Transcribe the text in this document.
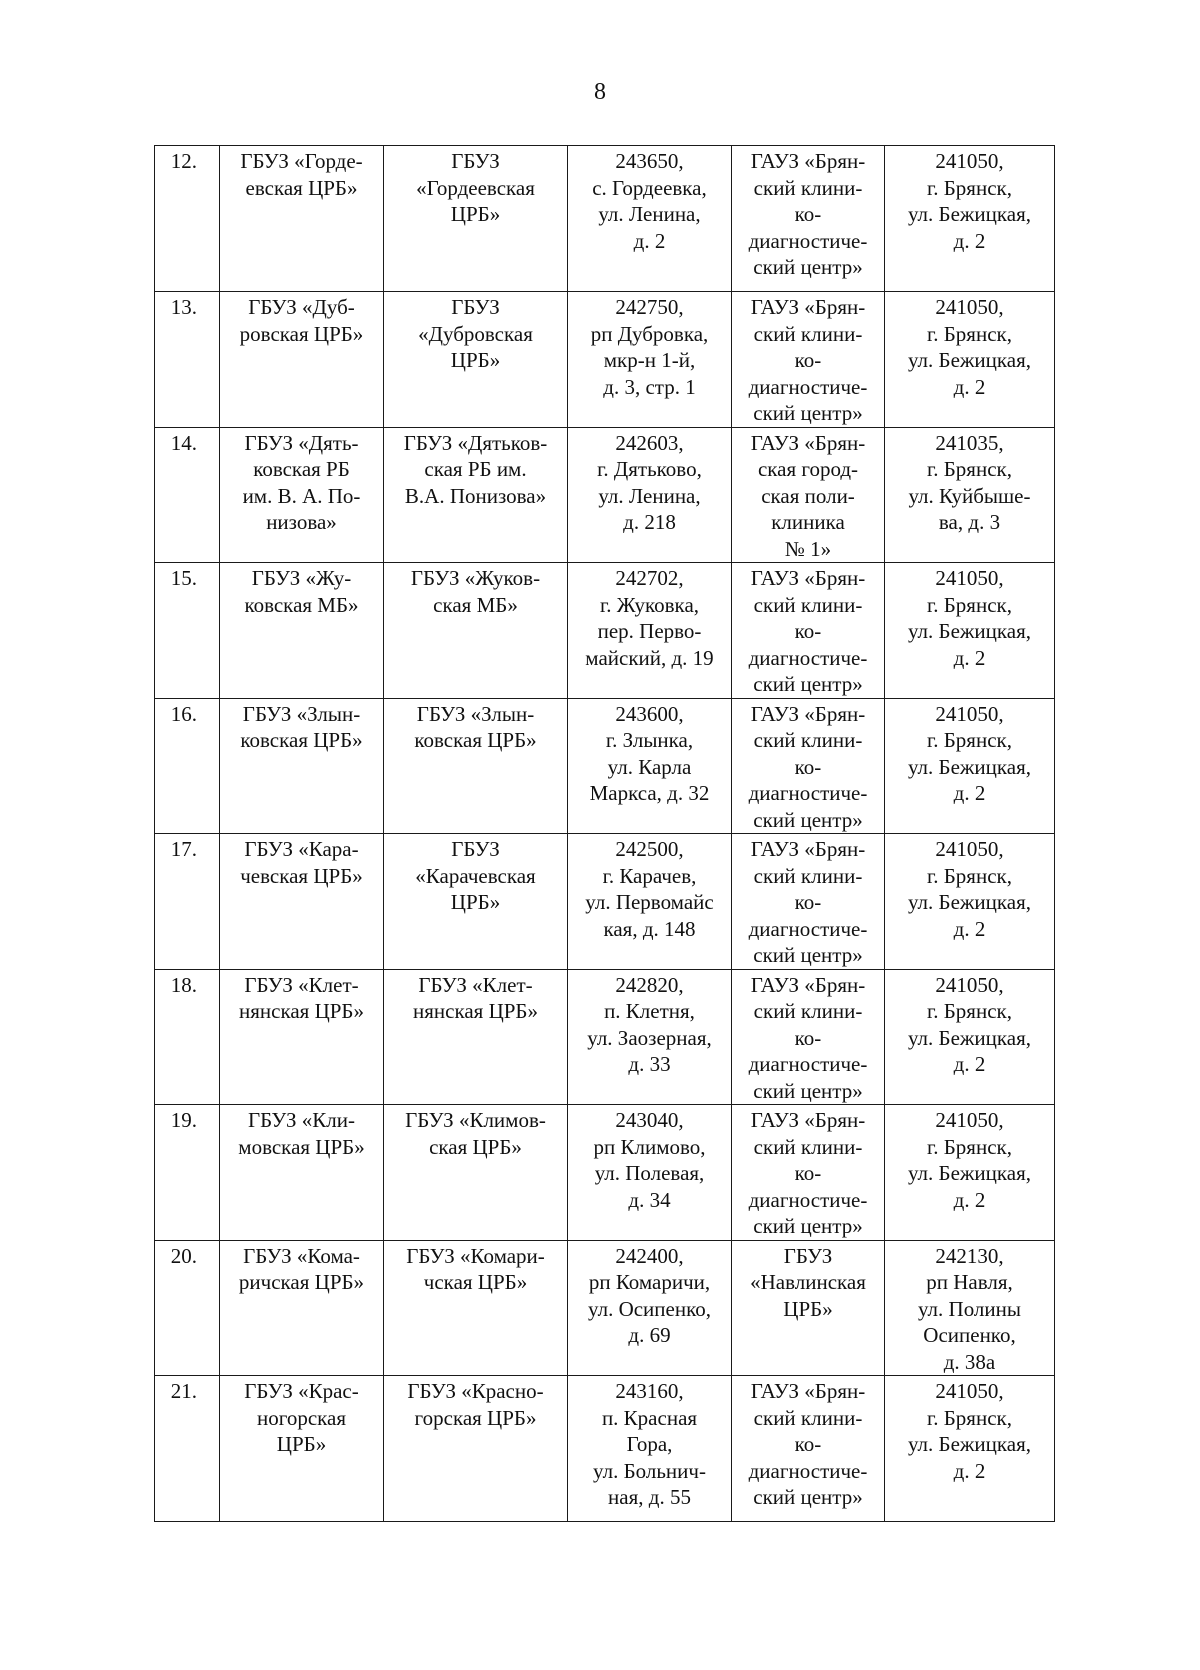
8
12.	ГБУЗ «Горде-
евская ЦРБ»	ГБУЗ
«Гордеевская
ЦРБ»	243650,
с. Гордеевка,
ул. Ленина,
д. 2	ГАУЗ «Брян-
ский клини-
ко-
диагностиче-
ский центр»	241050,
г. Брянск,
ул. Бежицкая,
д. 2

13.	ГБУЗ «Дуб-
ровская ЦРБ»	ГБУЗ
«Дубровская
ЦРБ»	242750,
рп Дубровка,
мкр-н 1-й,
д. 3, стр. 1	ГАУЗ «Брян-
ский клини-
ко-
диагностиче-
ский центр»	241050,
г. Брянск,
ул. Бежицкая,
д. 2

14.	ГБУЗ «Дять-
ковская РБ
им. В. А. По-
низова»	ГБУЗ «Дятьков-
ская РБ им.
В.А. Понизова»	242603,
г. Дятьково,
ул. Ленина,
д. 218	ГАУЗ «Брян-
ская город-
ская поли-
клиника
№ 1»	241035,
г. Брянск,
ул. Куйбыше-
ва, д. 3

15.	ГБУЗ «Жу-
ковская МБ»	ГБУЗ «Жуков-
ская МБ»	242702,
г. Жуковка,
пер. Перво-
майский, д. 19	ГАУЗ «Брян-
ский клини-
ко-
диагностиче-
ский центр»	241050,
г. Брянск,
ул. Бежицкая,
д. 2

16.	ГБУЗ «Злын-
ковская ЦРБ»	ГБУЗ «Злын-
ковская ЦРБ»	243600,
г. Злынка,
ул. Карла
Маркса, д. 32	ГАУЗ «Брян-
ский клини-
ко-
диагностиче-
ский центр»	241050,
г. Брянск,
ул. Бежицкая,
д. 2

17.	ГБУЗ «Кара-
чевская ЦРБ»	ГБУЗ
«Карачевская
ЦРБ»	242500,
г. Карачев,
ул. Первомайс
кая, д. 148	ГАУЗ «Брян-
ский клини-
ко-
диагностиче-
ский центр»	241050,
г. Брянск,
ул. Бежицкая,
д. 2

18.	ГБУЗ «Клет-
нянская ЦРБ»	ГБУЗ «Клет-
нянская ЦРБ»	242820,
п. Клетня,
ул. Заозерная,
д. 33	ГАУЗ «Брян-
ский клини-
ко-
диагностиче-
ский центр»	241050,
г. Брянск,
ул. Бежицкая,
д. 2

19.	ГБУЗ «Кли-
мовская ЦРБ»	ГБУЗ «Климов-
ская ЦРБ»	243040,
рп Климово,
ул. Полевая,
д. 34	ГАУЗ «Брян-
ский клини-
ко-
диагностиче-
ский центр»	241050,
г. Брянск,
ул. Бежицкая,
д. 2

20.	ГБУЗ «Кома-
ричская ЦРБ»	ГБУЗ «Комари-
чская ЦРБ»	242400,
рп Комаричи,
ул. Осипенко,
д. 69	ГБУЗ
«Навлинская
ЦРБ»	242130,
рп Навля,
ул. Полины
Осипенко,
д. 38а

21.	ГБУЗ «Крас-
ногорская
ЦРБ»	ГБУЗ «Красно-
горская ЦРБ»	243160,
п. Красная
Гора,
ул. Больнич-
ная, д. 55	ГАУЗ «Брян-
ский клини-
ко-
диагностиче-
ский центр»	241050,
г. Брянск,
ул. Бежицкая,
д. 2
